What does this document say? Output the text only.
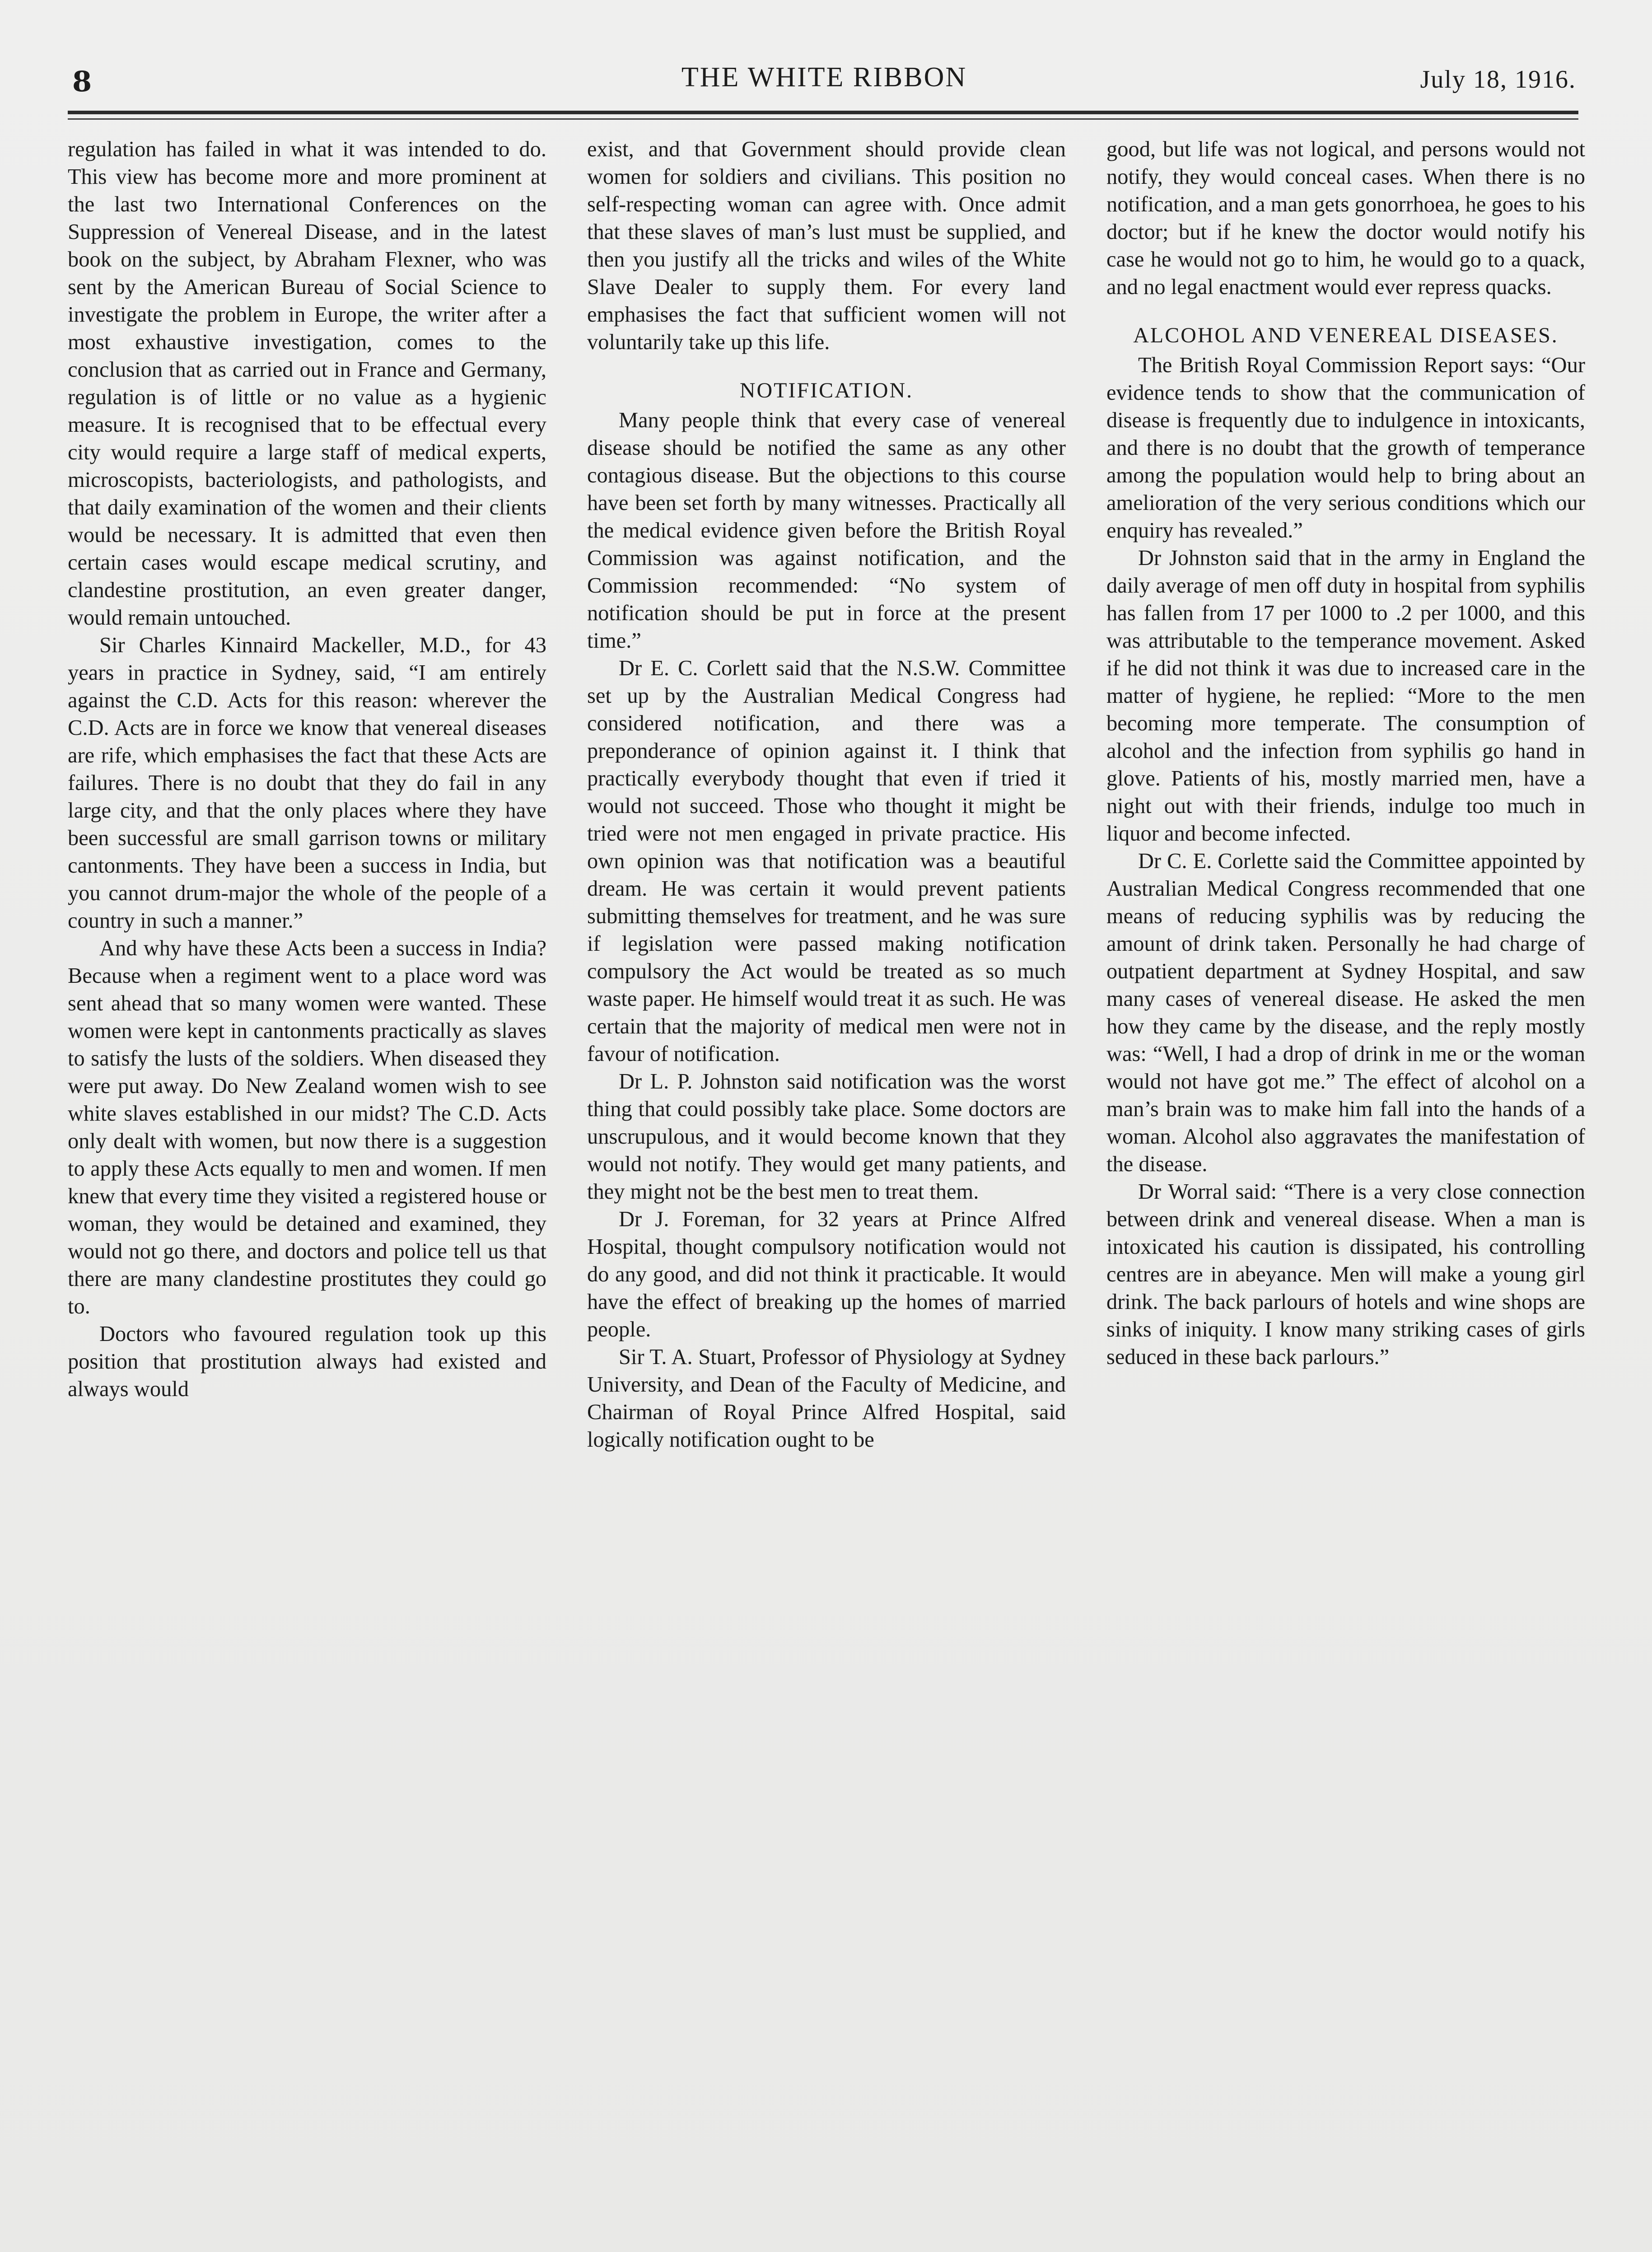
8	THE WHITE RIBBON	July 18, 1916.

regulation has failed in what it was intended to do. This view has become more and more prominent at the last two International Conferences on the Suppression of Venereal Disease, and in the latest book on the subject, by Abraham Flexner, who was sent by the American Bureau of Social Science to investigate the problem in Europe, the writer after a most exhaustive investigation, comes to the conclusion that as carried out in France and Germany, regulation is of little or no value as a hygienic measure. It is recognised that to be effectual every city would require a large staff of medical experts, microscopists, bacteriologists, and pathologists, and that daily examination of the women and their clients would be necessary. It is admitted that even then certain cases would escape medical scrutiny, and clandestine prostitution, an even greater danger, would remain untouched.

Sir Charles Kinnaird Mackeller, M.D., for 43 years in practice in Sydney, said, “I am entirely against the C.D. Acts for this reason: wherever the C.D. Acts are in force we know that venereal diseases are rife, which emphasises the fact that these Acts are failures. There is no doubt that they do fail in any large city, and that the only places where they have been successful are small garrison towns or military cantonments. They have been a success in India, but you cannot drum-major the whole of the people of a country in such a manner.”

And why have these Acts been a success in India? Because when a regiment went to a place word was sent ahead that so many women were wanted. These women were kept in cantonments practically as slaves to satisfy the lusts of the soldiers. When diseased they were put away. Do New Zealand women wish to see white slaves established in our midst? The C.D. Acts only dealt with women, but now there is a suggestion to apply these Acts equally to men and women. If men knew that every time they visited a registered house or woman, they would be detained and examined, they would not go there, and doctors and police tell us that there are many clandestine prostitutes they could go to.

Doctors who favoured regulation took up this position that prostitution always had existed and always would

exist, and that Government should provide clean women for soldiers and civilians. This position no self-respecting woman can agree with. Once admit that these slaves of man’s lust must be supplied, and then you justify all the tricks and wiles of the White Slave Dealer to supply them. For every land emphasises the fact that sufficient women will not voluntarily take up this life.

NOTIFICATION.

Many people think that every case of venereal disease should be notified the same as any other contagious disease. But the objections to this course have been set forth by many witnesses. Practically all the medical evidence given before the British Royal Commission was against notification, and the Commission recommended: “No system of notification should be put in force at the present time.”

Dr E. C. Corlett said that the N.S.W. Committee set up by the Australian Medical Congress had considered notification, and there was a preponderance of opinion against it. I think that practically everybody thought that even if tried it would not succeed. Those who thought it might be tried were not men engaged in private practice. His own opinion was that notification was a beautiful dream. He was certain it would prevent patients submitting themselves for treatment, and he was sure if legislation were passed making notification compulsory the Act would be treated as so much waste paper. He himself would treat it as such. He was certain that the majority of medical men were not in favour of notification.

Dr L. P. Johnston said notification was the worst thing that could possibly take place. Some doctors are unscrupulous, and it would become known that they would not notify. They would get many patients, and they might not be the best men to treat them.

Dr J. Foreman, for 32 years at Prince Alfred Hospital, thought compulsory notification would not do any good, and did not think it practicable. It would have the effect of breaking up the homes of married people.

Sir T. A. Stuart, Professor of Physiology at Sydney University, and Dean of the Faculty of Medicine, and Chairman of Royal Prince Alfred Hospital, said logically notification ought to be

good, but life was not logical, and persons would not notify, they would conceal cases. When there is no notification, and a man gets gonorrhoea, he goes to his doctor; but if he knew the doctor would notify his case he would not go to him, he would go to a quack, and no legal enactment would ever repress quacks.

ALCOHOL AND VENEREAL DISEASES.

The British Royal Commission Report says: “Our evidence tends to show that the communication of disease is frequently due to indulgence in intoxicants, and there is no doubt that the growth of temperance among the population would help to bring about an amelioration of the very serious conditions which our enquiry has revealed.”

Dr Johnston said that in the army in England the daily average of men off duty in hospital from syphilis has fallen from 17 per 1000 to .2 per 1000, and this was attributable to the temperance movement. Asked if he did not think it was due to increased care in the matter of hygiene, he replied: “More to the men becoming more temperate. The consumption of alcohol and the infection from syphilis go hand in glove. Patients of his, mostly married men, have a night out with their friends, indulge too much in liquor and become infected.

Dr C. E. Corlette said the Committee appointed by Australian Medical Congress recommended that one means of reducing syphilis was by reducing the amount of drink taken. Personally he had charge of outpatient department at Sydney Hospital, and saw many cases of venereal disease. He asked the men how they came by the disease, and the reply mostly was: “Well, I had a drop of drink in me or the woman would not have got me.” The effect of alcohol on a man’s brain was to make him fall into the hands of a woman. Alcohol also aggravates the manifestation of the disease.

Dr Worral said: “There is a very close connection between drink and venereal disease. When a man is intoxicated his caution is dissipated, his controlling centres are in abeyance. Men will make a young girl drink. The back parlours of hotels and wine shops are sinks of iniquity. I know many striking cases of girls seduced in these back parlours.”
